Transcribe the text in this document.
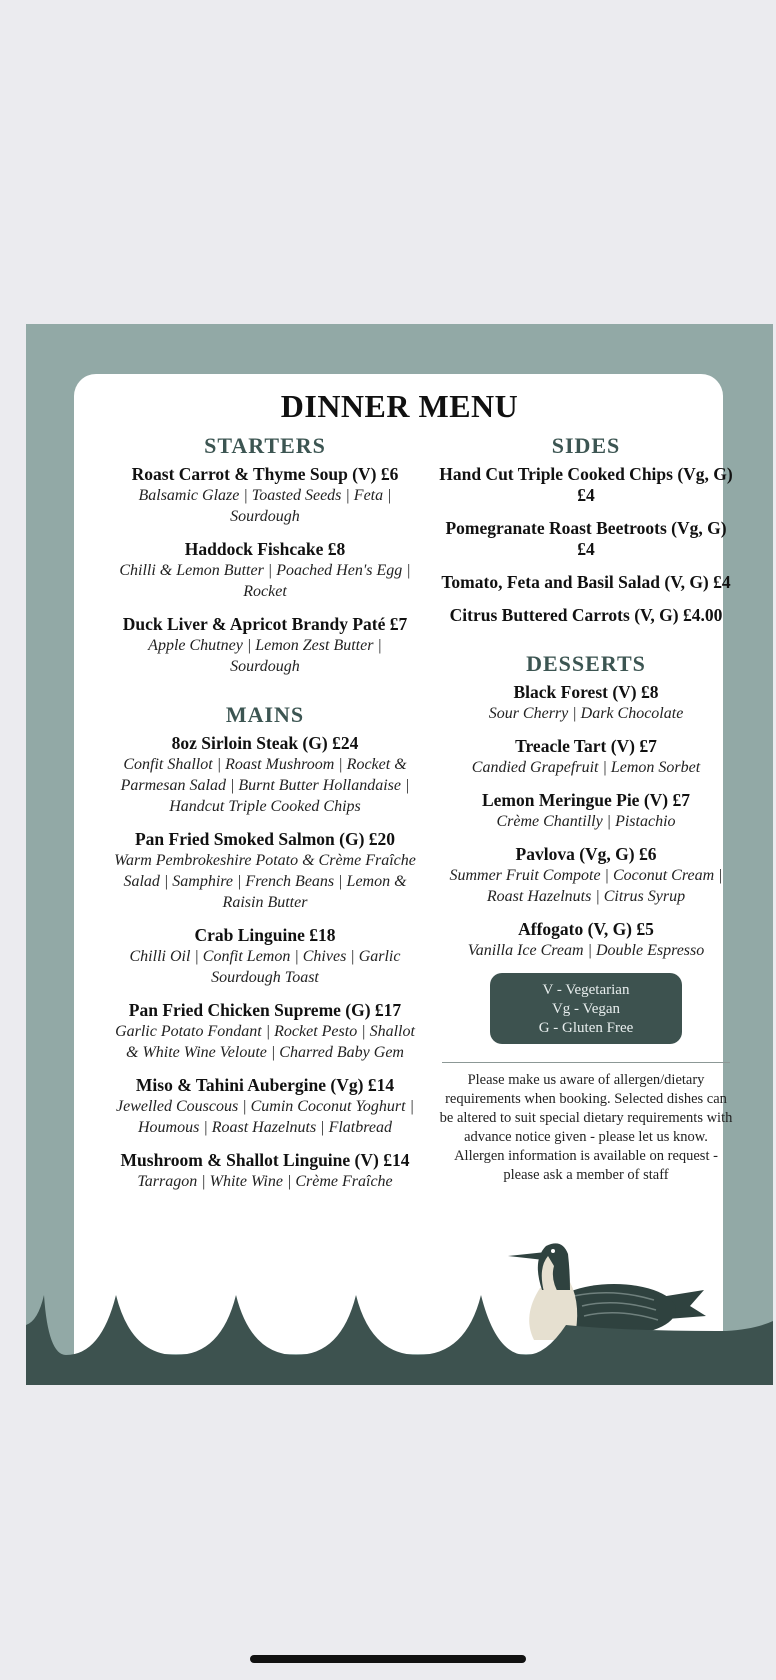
DINNER MENU
STARTERS

Roast Carrot & Thyme Soup (V) £6

Balsamic Glaze | Toasted Seeds | Feta | Sourdough

Haddock Fishcake £8

Chilli & Lemon Butter | Poached Hen's Egg | Rocket

Duck Liver & Apricot Brandy Paté £7

Apple Chutney | Lemon Zest Butter | Sourdough

MAINS

8oz Sirloin Steak (G) £24

Confit Shallot | Roast Mushroom | Rocket & Parmesan Salad | Burnt Butter Hollandaise | Handcut Triple Cooked Chips

Pan Fried Smoked Salmon (G) £20

Warm Pembrokeshire Potato & Crème Fraîche Salad | Samphire | French Beans | Lemon & Raisin Butter

Crab Linguine £18

Chilli Oil | Confit Lemon | Chives | Garlic Sourdough Toast

Pan Fried Chicken Supreme (G) £17

Garlic Potato Fondant | Rocket Pesto | Shallot & White Wine Veloute | Charred Baby Gem

Miso & Tahini Aubergine (Vg) £14

Jewelled Couscous | Cumin Coconut Yoghurt | Houmous | Roast Hazelnuts | Flatbread

Mushroom & Shallot Linguine (V) £14

Tarragon | White Wine | Crème Fraîche

SIDES

Hand Cut Triple Cooked Chips (Vg, G) £4

Pomegranate Roast Beetroots (Vg, G) £4

Tomato, Feta and Basil Salad (V, G) £4

Citrus Buttered Carrots (V, G) £4.00

DESSERTS

Black Forest (V) £8

Sour Cherry | Dark Chocolate

Treacle Tart (V) £7

Candied Grapefruit | Lemon Sorbet

Lemon Meringue Pie (V) £7

Crème Chantilly | Pistachio

Pavlova (Vg, G) £6

Summer Fruit Compote | Coconut Cream | Roast Hazelnuts | Citrus Syrup

Affogato (V, G) £5

Vanilla Ice Cream | Double Espresso

V - Vegetarian
Vg - Vegan
G - Gluten Free

Please make us aware of allergen/dietary requirements when booking. Selected dishes can be altered to suit special dietary requirements with advance notice given - please let us know. Allergen information is available on request - please ask a member of staff
